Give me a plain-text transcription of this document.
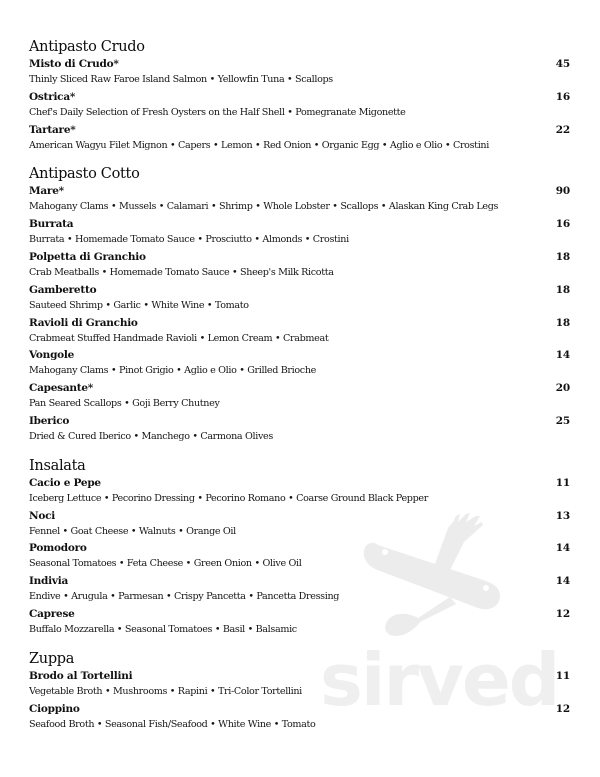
sirved
Antipasto Crudo
Misto di Crudo*	45
Thinly Sliced Raw Faroe Island Salmon • Yellowfin Tuna • Scallops
Ostrica*	16
Chef's Daily Selection of Fresh Oysters on the Half Shell • Pomegranate Migonette
Tartare*	22
American Wagyu Filet Mignon • Capers • Lemon • Red Onion • Organic Egg • Aglio e Olio • Crostini
Antipasto Cotto
Mare*	90
Mahogany Clams • Mussels • Calamari • Shrimp • Whole Lobster • Scallops • Alaskan King Crab Legs
Burrata	16
Burrata • Homemade Tomato Sauce • Prosciutto • Almonds • Crostini
Polpetta di Granchio	18
Crab Meatballs • Homemade Tomato Sauce • Sheep's Milk Ricotta
Gamberetto	18
Sauteed Shrimp • Garlic • White Wine • Tomato
Ravioli di Granchio	18
Crabmeat Stuffed Handmade Ravioli • Lemon Cream • Crabmeat
Vongole	14
Mahogany Clams • Pinot Grigio • Aglio e Olio • Grilled Brioche
Capesante*	20
Pan Seared Scallops • Goji Berry Chutney
Iberico	25
Dried & Cured Iberico • Manchego • Carmona Olives
Insalata
Cacio e Pepe	11
Iceberg Lettuce • Pecorino Dressing • Pecorino Romano • Coarse Ground Black Pepper
Noci	13
Fennel • Goat Cheese • Walnuts • Orange Oil
Pomodoro	14
Seasonal Tomatoes • Feta Cheese • Green Onion • Olive Oil
Indivia	14
Endive • Arugula • Parmesan • Crispy Pancetta • Pancetta Dressing
Caprese	12
Buffalo Mozzarella • Seasonal Tomatoes • Basil • Balsamic
Zuppa
Brodo al Tortellini	11
Vegetable Broth • Mushrooms • Rapini • Tri-Color Tortellini
Cioppino	12
Seafood Broth • Seasonal Fish/Seafood • White Wine • Tomato
